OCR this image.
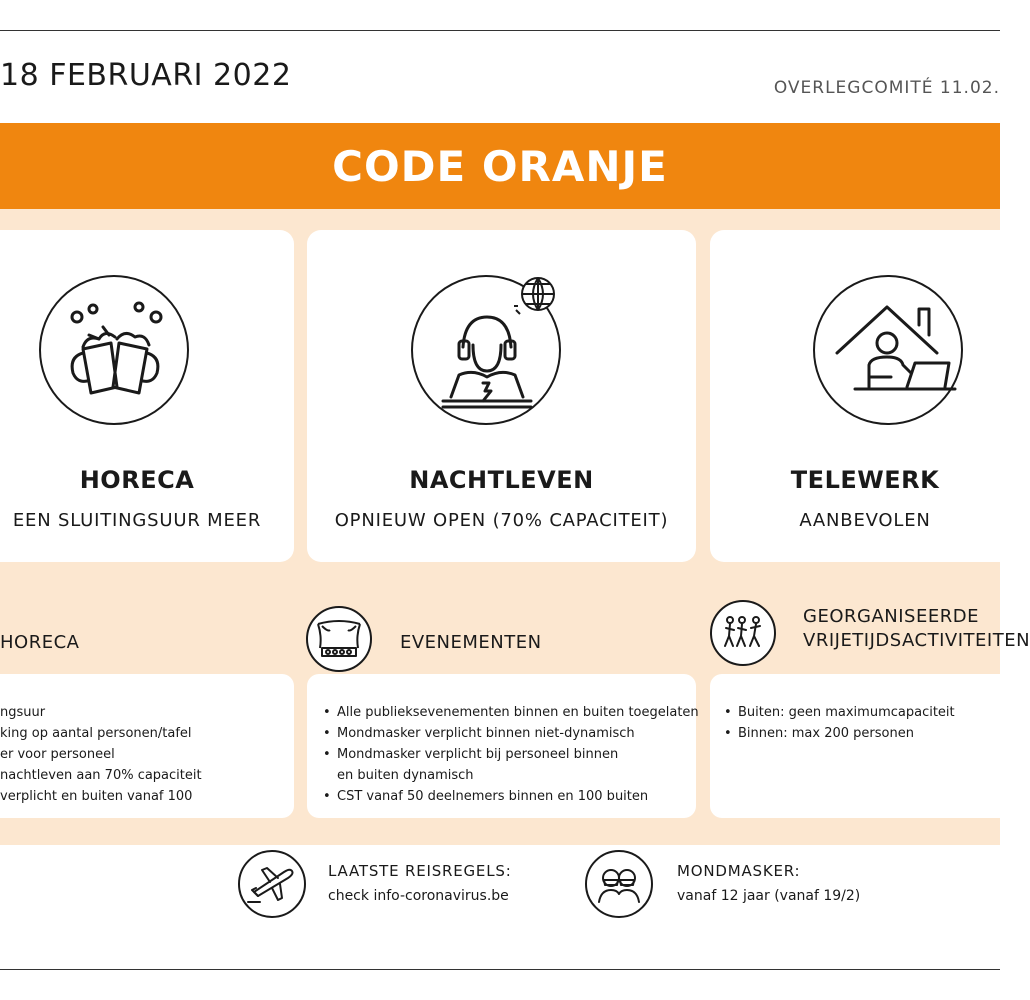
18 FEBRUARI 2022	OVERLEGCOMITÉ 11.02.
CODE ORANJE
HORECA
EEN SLUITINGSUUR MEER
NACHTLEVEN
OPNIEUW OPEN (70% CAPACITEIT)
TELEWERK
AANBEVOLEN
HORECA	EVENEMENTEN
GEORGANISEERDE
VRIJETIJDSACTIVITEITEN
ngsuur
king op aantal personen/tafel
er voor personeel
nachtleven aan 70% capaciteit
verplicht en buiten vanaf 100
• Alle publieksevenementen binnen en buiten toegelaten
• Mondmasker verplicht binnen niet-dynamisch
• Mondmasker verplicht bij personeel binnen
en buiten dynamisch
• CST vanaf 50 deelnemers binnen en 100 buiten
• Buiten: geen maximumcapaciteit
• Binnen: max 200 personen
LAATSTE REISREGELS:
check info-coronavirus.be
MONDMASKER:
vanaf 12 jaar (vanaf 19/2)
